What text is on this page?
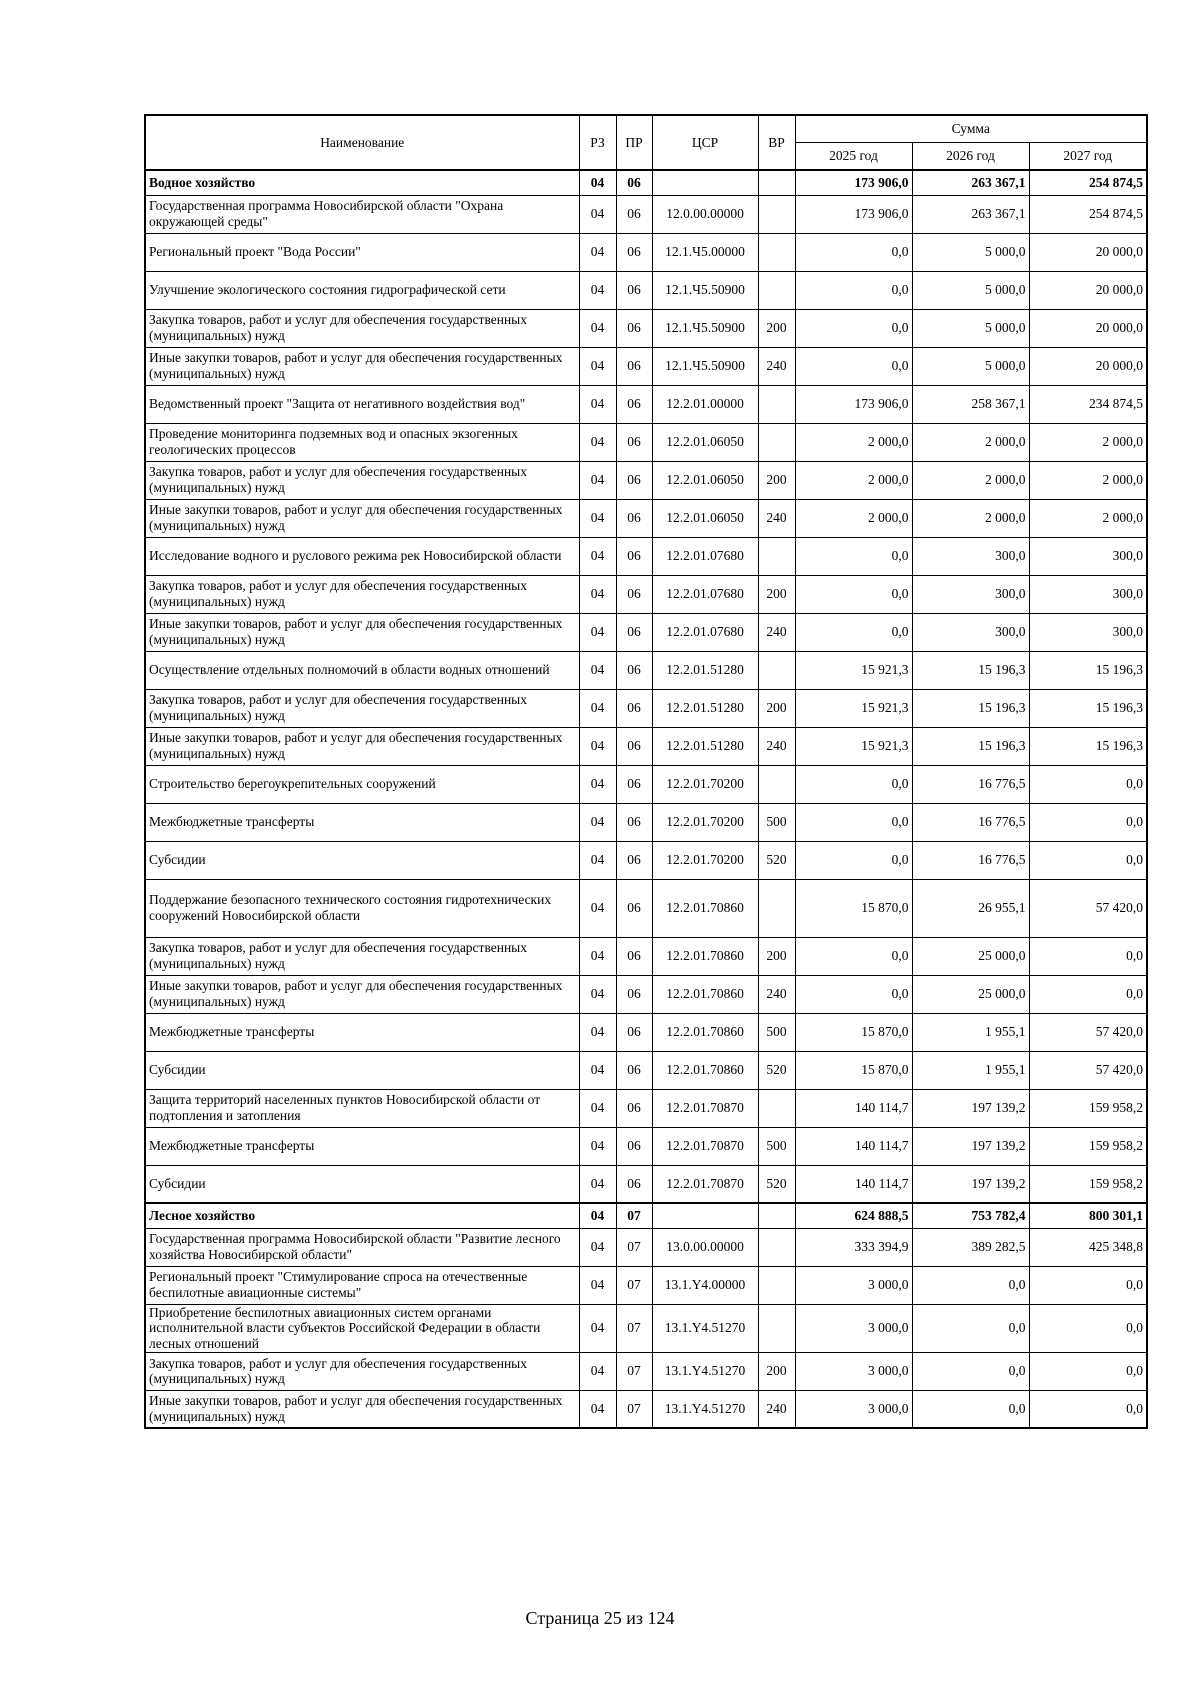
Наименование	РЗ	ПР	ЦСР	ВР	Сумма		
					2025 год	2026 год	2027 год
Водное хозяйство	04	06			173 906,0	263 367,1	254 874,5
Государственная программа Новосибирской области "Охрана окружающей среды"	04	06	12.0.00.00000		173 906,0	263 367,1	254 874,5
Региональный проект "Вода России"	04	06	12.1.Ч5.00000		0,0	5 000,0	20 000,0
Улучшение экологического состояния гидрографической сети	04	06	12.1.Ч5.50900		0,0	5 000,0	20 000,0
Закупка товаров, работ и услуг для обеспечения государственных (муниципальных) нужд	04	06	12.1.Ч5.50900	200	0,0	5 000,0	20 000,0
Иные закупки товаров, работ и услуг для обеспечения государственных (муниципальных) нужд	04	06	12.1.Ч5.50900	240	0,0	5 000,0	20 000,0
Ведомственный проект "Защита от негативного воздействия вод"	04	06	12.2.01.00000		173 906,0	258 367,1	234 874,5
Проведение мониторинга подземных вод и опасных экзогенных геологических процессов	04	06	12.2.01.06050		2 000,0	2 000,0	2 000,0
Закупка товаров, работ и услуг для обеспечения государственных (муниципальных) нужд	04	06	12.2.01.06050	200	2 000,0	2 000,0	2 000,0
Иные закупки товаров, работ и услуг для обеспечения государственных (муниципальных) нужд	04	06	12.2.01.06050	240	2 000,0	2 000,0	2 000,0
Исследование водного и руслового режима рек Новосибирской области	04	06	12.2.01.07680		0,0	300,0	300,0
Закупка товаров, работ и услуг для обеспечения государственных (муниципальных) нужд	04	06	12.2.01.07680	200	0,0	300,0	300,0
Иные закупки товаров, работ и услуг для обеспечения государственных (муниципальных) нужд	04	06	12.2.01.07680	240	0,0	300,0	300,0
Осуществление отдельных полномочий в области водных отношений	04	06	12.2.01.51280		15 921,3	15 196,3	15 196,3
Закупка товаров, работ и услуг для обеспечения государственных (муниципальных) нужд	04	06	12.2.01.51280	200	15 921,3	15 196,3	15 196,3
Иные закупки товаров, работ и услуг для обеспечения государственных (муниципальных) нужд	04	06	12.2.01.51280	240	15 921,3	15 196,3	15 196,3
Строительство берегоукрепительных сооружений	04	06	12.2.01.70200		0,0	16 776,5	0,0
Межбюджетные трансферты	04	06	12.2.01.70200	500	0,0	16 776,5	0,0
Субсидии	04	06	12.2.01.70200	520	0,0	16 776,5	0,0
Поддержание безопасного технического состояния гидротехнических сооружений Новосибирской области	04	06	12.2.01.70860		15 870,0	26 955,1	57 420,0
Закупка товаров, работ и услуг для обеспечения государственных (муниципальных) нужд	04	06	12.2.01.70860	200	0,0	25 000,0	0,0
Иные закупки товаров, работ и услуг для обеспечения государственных (муниципальных) нужд	04	06	12.2.01.70860	240	0,0	25 000,0	0,0
Межбюджетные трансферты	04	06	12.2.01.70860	500	15 870,0	1 955,1	57 420,0
Субсидии	04	06	12.2.01.70860	520	15 870,0	1 955,1	57 420,0
Защита территорий населенных пунктов Новосибирской области от подтопления и затопления	04	06	12.2.01.70870		140 114,7	197 139,2	159 958,2
Межбюджетные трансферты	04	06	12.2.01.70870	500	140 114,7	197 139,2	159 958,2
Субсидии	04	06	12.2.01.70870	520	140 114,7	197 139,2	159 958,2
Лесное хозяйство	04	07			624 888,5	753 782,4	800 301,1
Государственная программа Новосибирской области "Развитие лесного хозяйства Новосибирской области"	04	07	13.0.00.00000		333 394,9	389 282,5	425 348,8
Региональный проект "Стимулирование спроса на отечественные беспилотные авиационные системы"	04	07	13.1.Y4.00000		3 000,0	0,0	0,0
Приобретение беспилотных авиационных систем органами исполнительной власти субъектов Российской Федерации в области лесных отношений	04	07	13.1.Y4.51270		3 000,0	0,0	0,0
Закупка товаров, работ и услуг для обеспечения государственных (муниципальных) нужд	04	07	13.1.Y4.51270	200	3 000,0	0,0	0,0
Иные закупки товаров, работ и услуг для обеспечения государственных (муниципальных) нужд	04	07	13.1.Y4.51270	240	3 000,0	0,0	0,0
Страница 25 из 124
